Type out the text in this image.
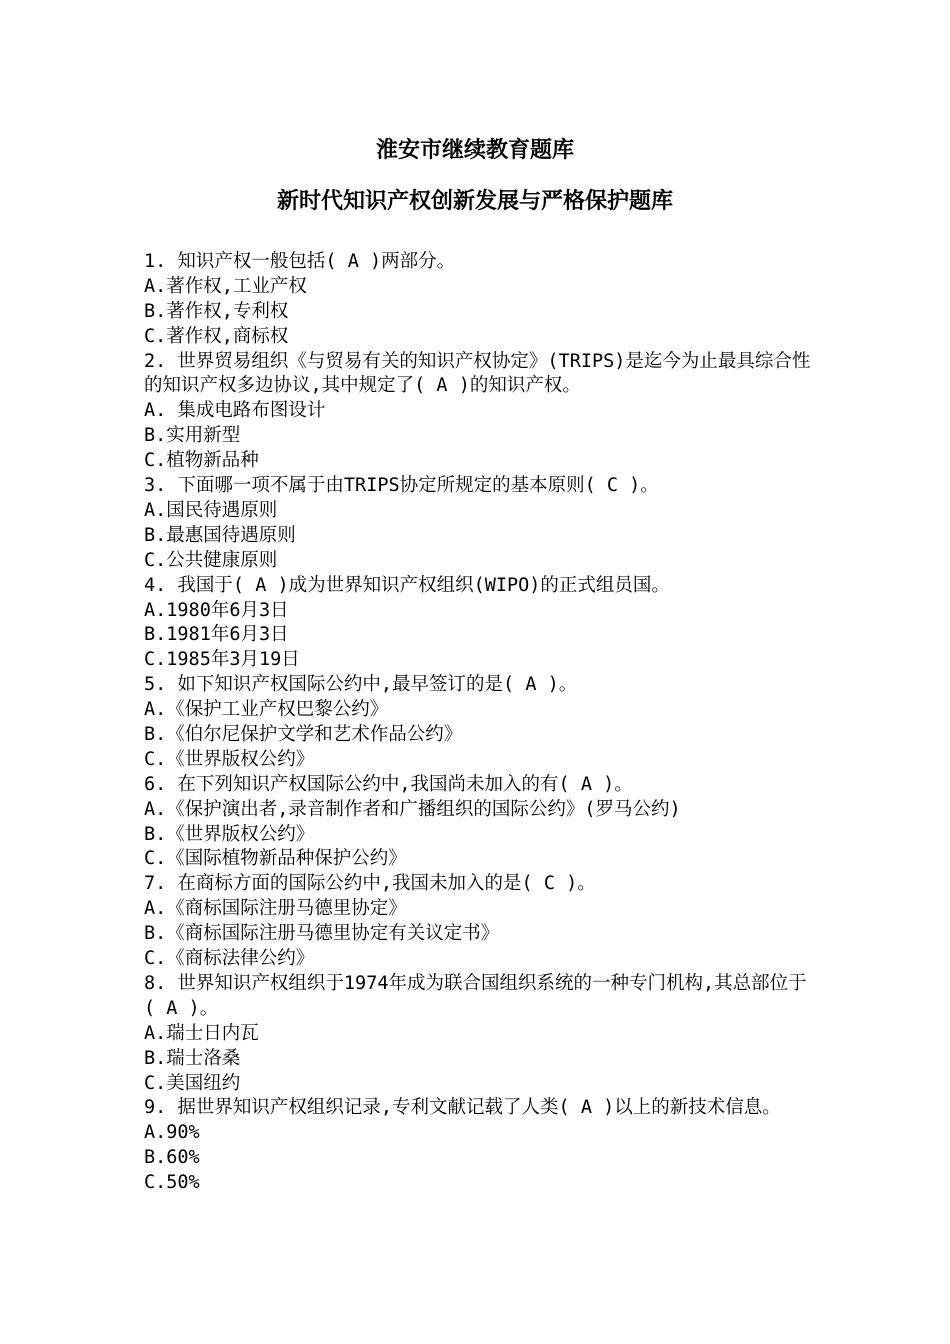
淮安市继续教育题库
新时代知识产权创新发展与严格保护题库
1. 知识产权一般包括( A )两部分。
A.著作权,工业产权
B.著作权,专利权
C.著作权,商标权
2. 世界贸易组织《与贸易有关的知识产权协定》(TRIPS)是迄今为止最具综合性的知识产权多边协议,其中规定了( A )的知识产权。
A. 集成电路布图设计
B.实用新型
C.植物新品种
3. 下面哪一项不属于由TRIPS协定所规定的基本原则( C )。
A.国民待遇原则
B.最惠国待遇原则
C.公共健康原则
4. 我国于( A )成为世界知识产权组织(WIPO)的正式组员国。
A.1980年6月3日
B.1981年6月3日
C.1985年3月19日
5. 如下知识产权国际公约中,最早签订的是( A )。
A.《保护工业产权巴黎公约》
B.《伯尔尼保护文学和艺术作品公约》
C.《世界版权公约》
6. 在下列知识产权国际公约中,我国尚未加入的有( A )。
A.《保护演出者,录音制作者和广播组织的国际公约》(罗马公约)
B.《世界版权公约》
C.《国际植物新品种保护公约》
7. 在商标方面的国际公约中,我国未加入的是( C )。
A.《商标国际注册马德里协定》
B.《商标国际注册马德里协定有关议定书》
C.《商标法律公约》
8. 世界知识产权组织于1974年成为联合国组织系统的一种专门机构,其总部位于( A )。
A.瑞士日内瓦
B.瑞士洛桑
C.美国纽约
9. 据世界知识产权组织记录,专利文献记载了人类( A )以上的新技术信息。
A.90%
B.60%
C.50%
